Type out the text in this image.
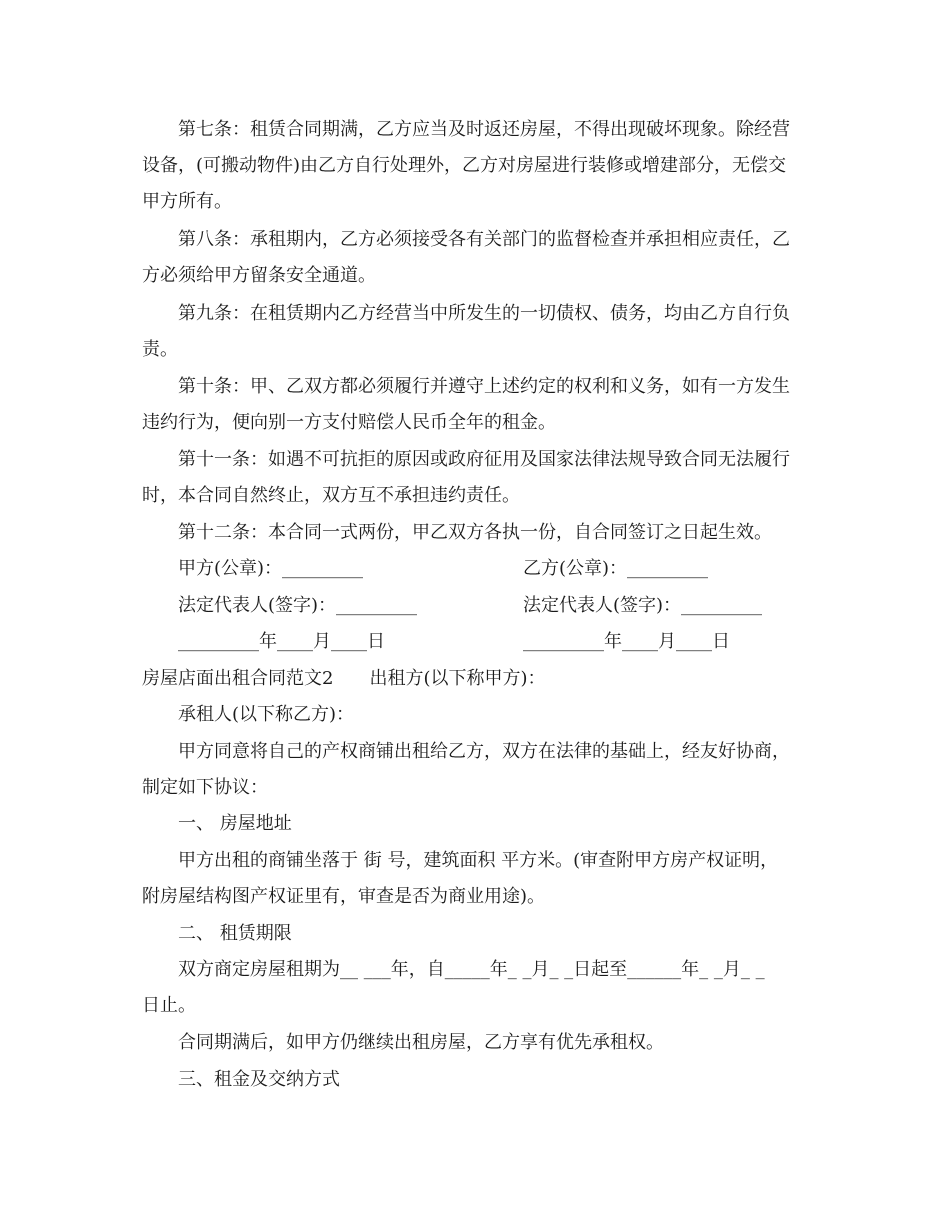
第七条：租赁合同期满，乙方应当及时返还房屋，不得出现破坏现象。除经营
设备，(可搬动物件)由乙方自行处理外，乙方对房屋进行装修或增建部分，无偿交
甲方所有。
第八条：承租期内，乙方必须接受各有关部门的监督检查并承担相应责任，乙
方必须给甲方留条安全通道。
第九条：在租赁期内乙方经营当中所发生的一切债权、债务，均由乙方自行负
责。
第十条：甲、乙双方都必须履行并遵守上述约定的权利和义务，如有一方发生
违约行为，便向别一方支付赔偿人民币全年的租金。
第十一条：如遇不可抗拒的原因或政府征用及国家法律法规导致合同无法履行
时，本合同自然终止，双方互不承担违约责任。
第十二条：本合同一式两份，甲乙双方各执一份，自合同签订之日起生效。
甲方(公章)：_________	乙方(公章)：_________
法定代表人(签字)：_________	法定代表人(签字)：_________
_________年____月____日	_________年____月____日
房屋店面出租合同范文2　　出租方(以下称甲方)：
承租人(以下称乙方)：
甲方同意将自己的产权商铺出租给乙方，双方在法律的基础上，经友好协商，
制定如下协议：
一、 房屋地址
甲方出租的商铺坐落于 街 号，建筑面积 平方米。(审查附甲方房产权证明，
附房屋结构图产权证里有，审查是否为商业用途)。
二、 租赁期限
双方商定房屋租期为__ ___年，自_____年_ _月_ _日起至______年_ _月_ _
日止。
合同期满后，如甲方仍继续出租房屋，乙方享有优先承租权。
三、租金及交纳方式
